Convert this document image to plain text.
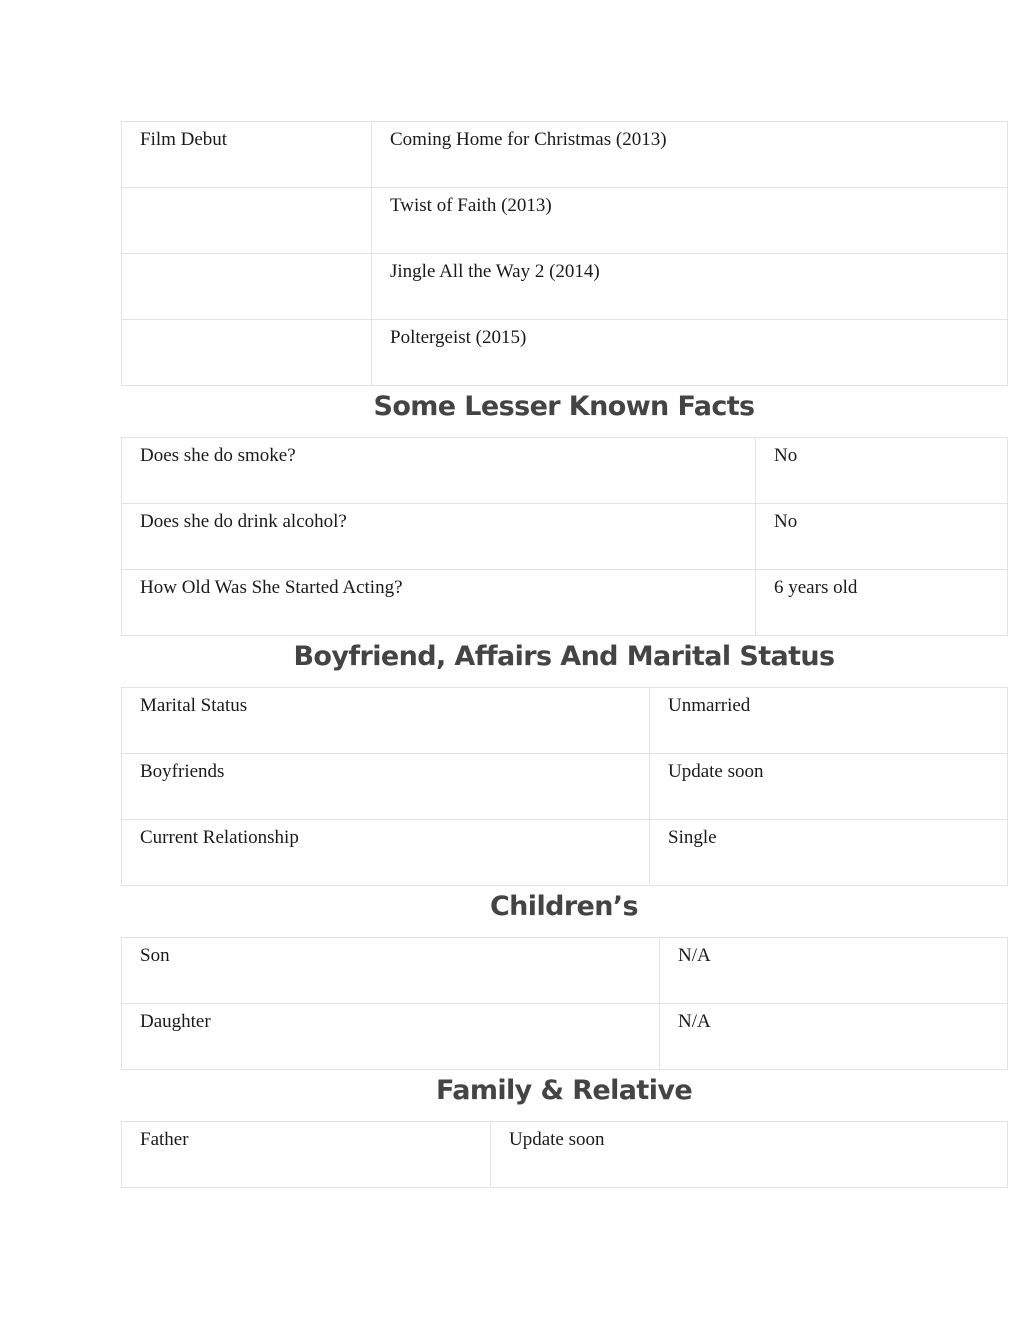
Film Debut	Coming Home for Christmas (2013)
	Twist of Faith (2013)
	Jingle All the Way 2 (2014)
	Poltergeist (2015)
Some Lesser Known Facts
Does she do smoke?	No
Does she do drink alcohol?	No
How Old Was She Started Acting?	6 years old
Boyfriend, Affairs And Marital Status
Marital Status	Unmarried
Boyfriends	Update soon
Current Relationship	Single
Children’s
Son	N/A
Daughter	N/A
Family & Relative
Father	Update soon
